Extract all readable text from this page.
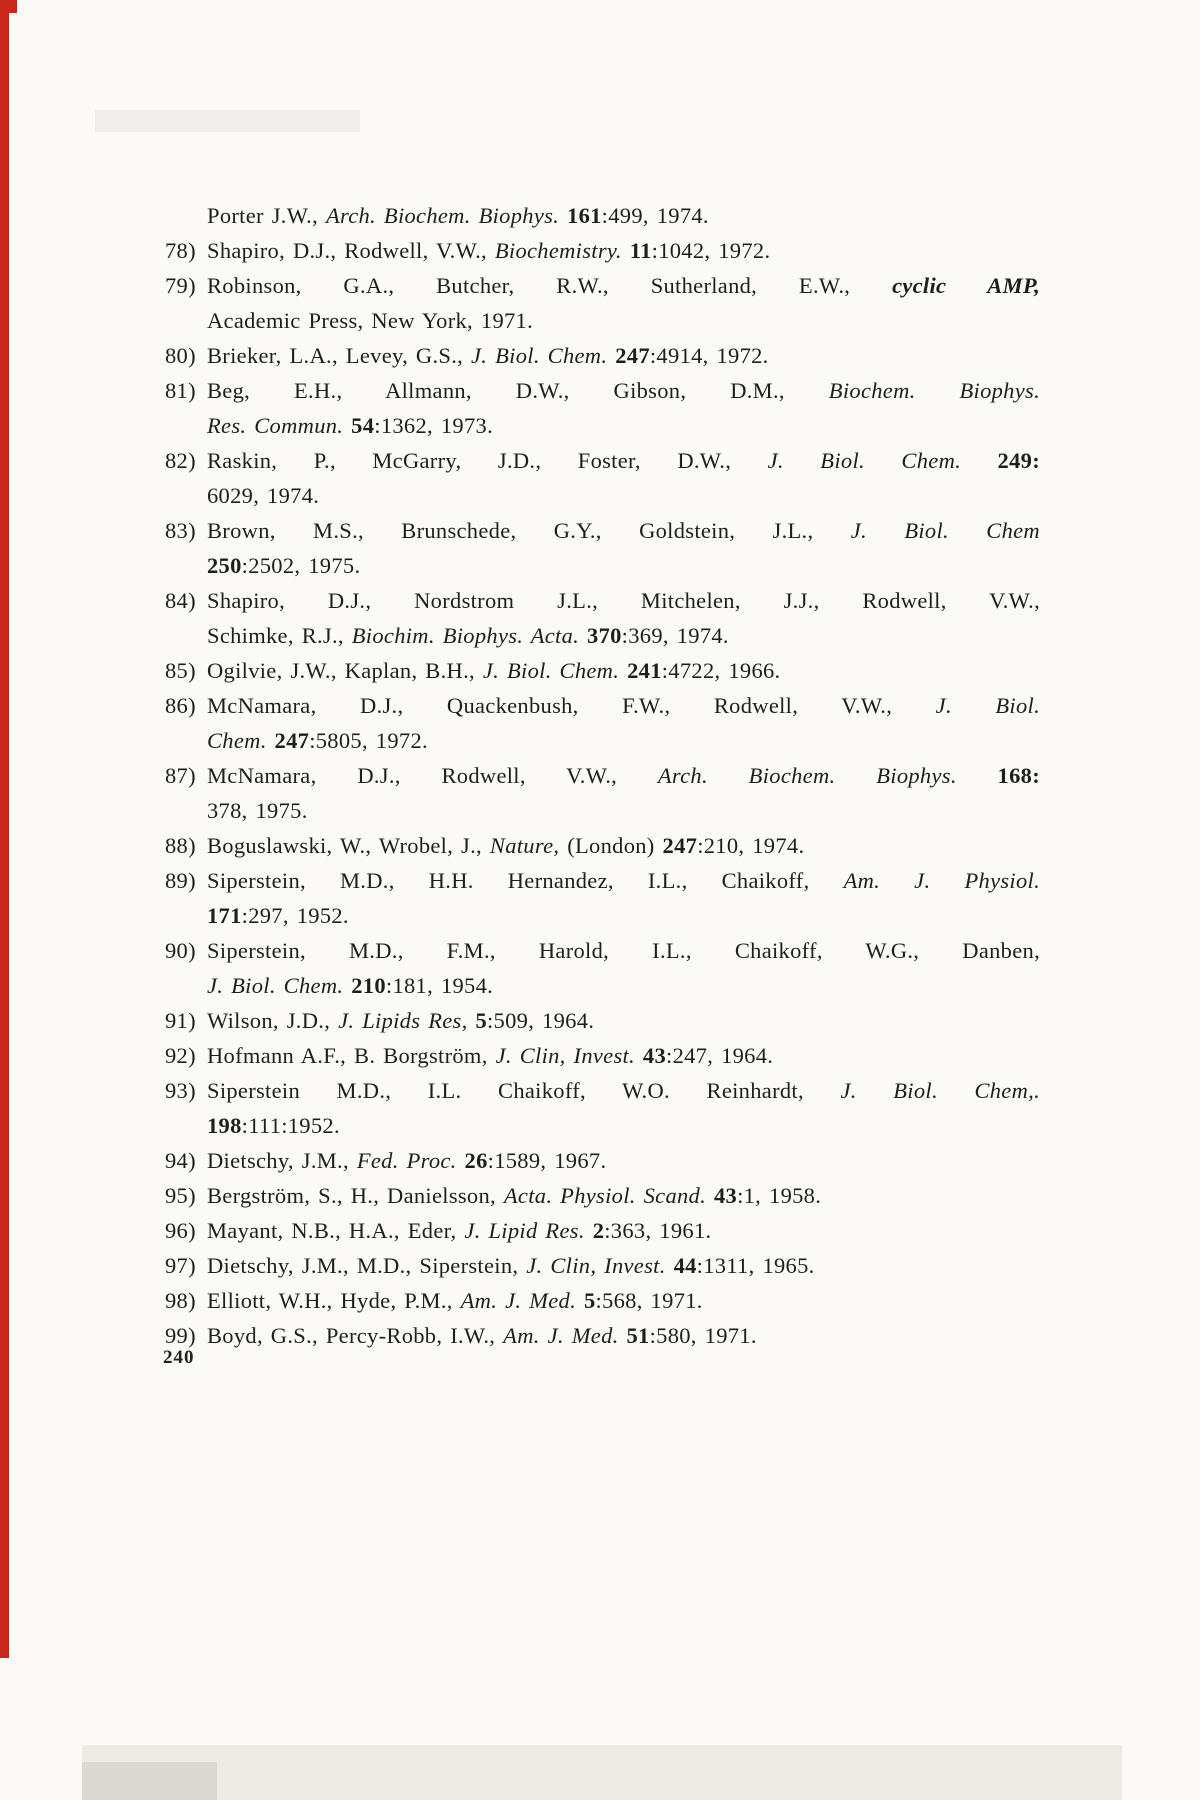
Porter J.W., Arch. Biochem. Biophys. 161:499, 1974.
78) Shapiro, D.J., Rodwell, V.W., Biochemistry. 11:1042, 1972.
79) Robinson, G.A., Butcher, R.W., Sutherland, E.W., cyclic AMP,
Academic Press, New York, 1971.
80) Brieker, L.A., Levey, G.S., J. Biol. Chem. 247:4914, 1972.
81) Beg, E.H., Allmann, D.W., Gibson, D.M., Biochem. Biophys.
Res. Commun. 54:1362, 1973.
82) Raskin, P., McGarry, J.D., Foster, D.W., J. Biol. Chem. 249:
6029, 1974.
83) Brown, M.S., Brunschede, G.Y., Goldstein, J.L., J. Biol. Chem
250:2502, 1975.
84) Shapiro, D.J., Nordstrom J.L., Mitchelen, J.J., Rodwell, V.W.,
Schimke, R.J., Biochim. Biophys. Acta. 370:369, 1974.
85) Ogilvie, J.W., Kaplan, B.H., J. Biol. Chem. 241:4722, 1966.
86) McNamara, D.J., Quackenbush, F.W., Rodwell, V.W., J. Biol.
Chem. 247:5805, 1972.
87) McNamara, D.J., Rodwell, V.W., Arch. Biochem. Biophys. 168:
378, 1975.
88) Boguslawski, W., Wrobel, J., Nature, (London) 247:210, 1974.
89) Siperstein, M.D., H.H. Hernandez, I.L., Chaikoff, Am. J. Physiol.
171:297, 1952.
90) Siperstein, M.D., F.M., Harold, I.L., Chaikoff, W.G., Danben,
J. Biol. Chem. 210:181, 1954.
91) Wilson, J.D., J. Lipids Res, 5:509, 1964.
92) Hofmann A.F., B. Borgström, J. Clin, Invest. 43:247, 1964.
93) Siperstein M.D., I.L. Chaikoff, W.O. Reinhardt, J. Biol. Chem,.
198:111:1952.
94) Dietschy, J.M., Fed. Proc. 26:1589, 1967.
95) Bergström, S., H., Danielsson, Acta. Physiol. Scand. 43:1, 1958.
96) Mayant, N.B., H.A., Eder, J. Lipid Res. 2:363, 1961.
97) Dietschy, J.M., M.D., Siperstein, J. Clin, Invest. 44:1311, 1965.
98) Elliott, W.H., Hyde, P.M., Am. J. Med. 5:568, 1971.
99) Boyd, G.S., Percy-Robb, I.W., Am. J. Med. 51:580, 1971.
240
